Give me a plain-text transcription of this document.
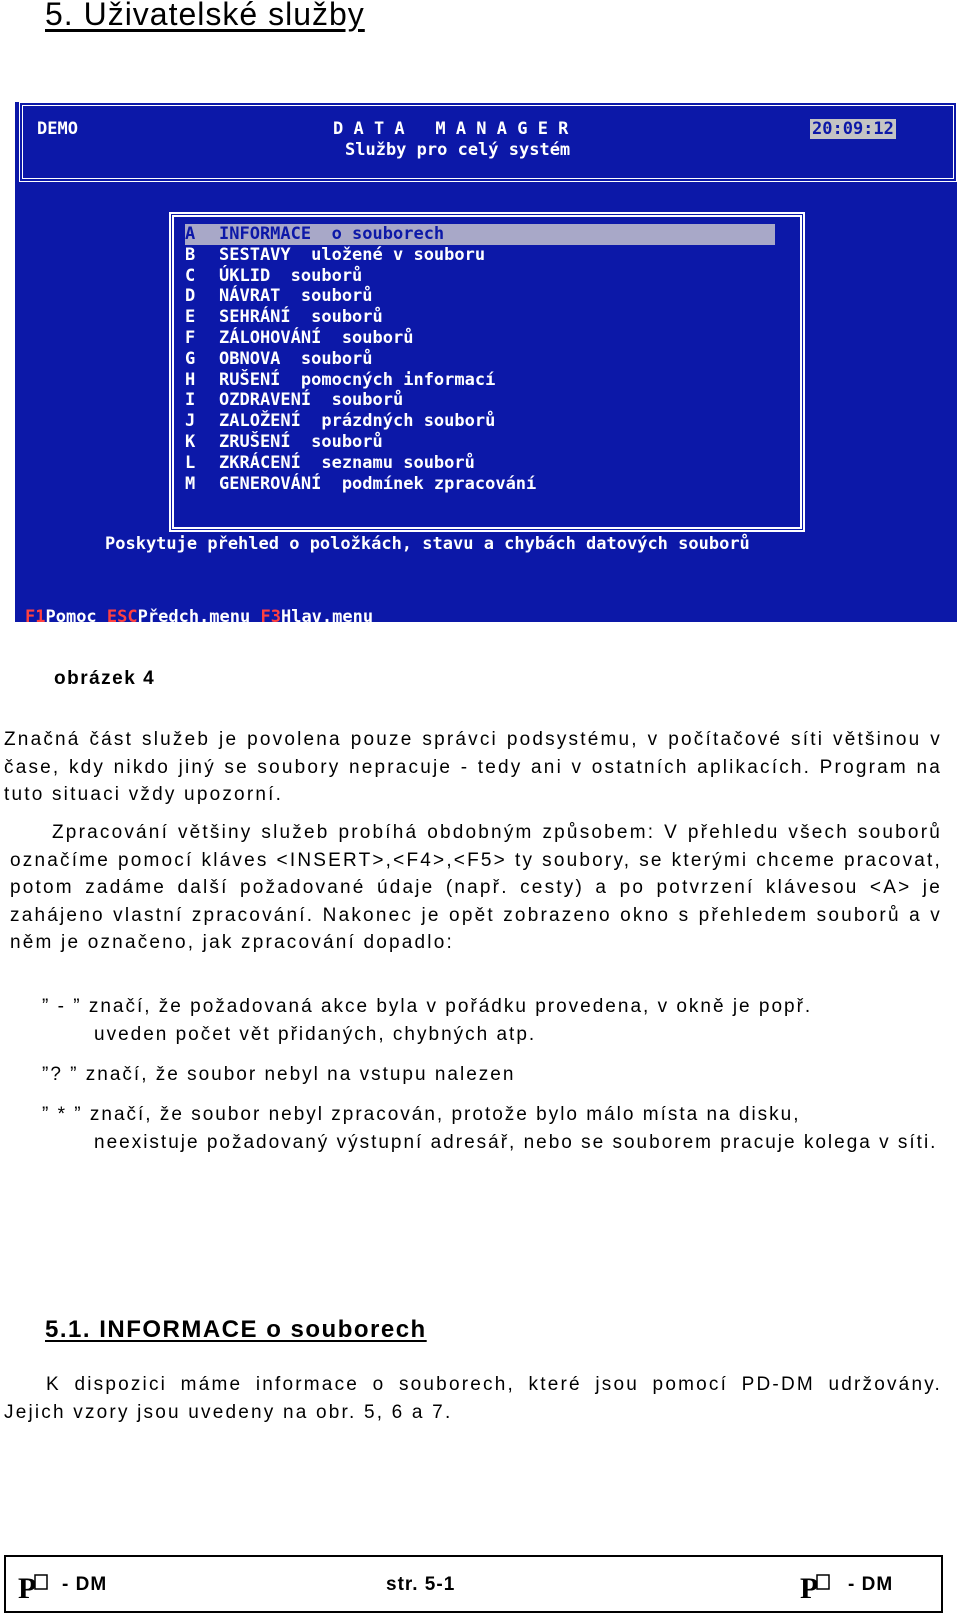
5. Uživatelské služby
DEMO	D A T A   M A N A G E R
Služby pro celý systém
20:09:12
A INFORMACE  o souborech
B SESTAVY  uložené v souboru
C ÚKLID  souborů
D NÁVRAT  souborů
E SEHRÁNÍ  souborů
F ZÁLOHOVÁNÍ  souborů
G OBNOVA  souborů
H RUŠENÍ  pomocných informací
I OZDRAVENÍ  souborů
J ZALOŽENÍ  prázdných souborů
K ZRUŠENÍ  souborů
L ZKRÁCENÍ  seznamu souborů
M GENEROVÁNÍ  podmínek zpracování
Poskytuje přehled o položkách, stavu a chybách datových souborů
F1Pomoc ESCPředch.menu F3Hlav.menu
obrázek 4

Značná část služeb je povolena pouze správci podsystému, v počítačové síti většinou v čase, kdy nikdo jiný se soubory nepracuje - tedy ani v ostatních aplikacích. Program na tuto situaci vždy upozorní.

Zpracování většiny služeb probíhá obdobným způsobem: V přehledu všech souborů označíme pomocí kláves <INSERT>,<F4>,<F5> ty soubory, se kterými chceme pracovat, potom zadáme další požadované údaje (např. cesty) a po potvrzení klávesou <A> je zahájeno vlastní zpracování. Nakonec je opět zobrazeno okno s přehledem souborů a v něm je označeno, jak zpracování dopadlo:

” - ” značí, že požadovaná akce byla v pořádku provedena, v okně je popř.
uveden počet vět přidaných, chybných atp.

”? ” značí, že soubor nebyl na vstupu nalezen

” * ” značí, že soubor nebyl zpracován, protože bylo málo místa na disku,
neexistuje požadovaný výstupní adresář, nebo se souborem pracuje kolega v síti.

5.1. INFORMACE o souborech

K dispozici máme informace o souborech, které jsou pomocí PD-DM udržovány. Jejich vzory jsou uvedeny na obr. 5, 6 a 7.

P - DM	str. 5-1	P - DM
